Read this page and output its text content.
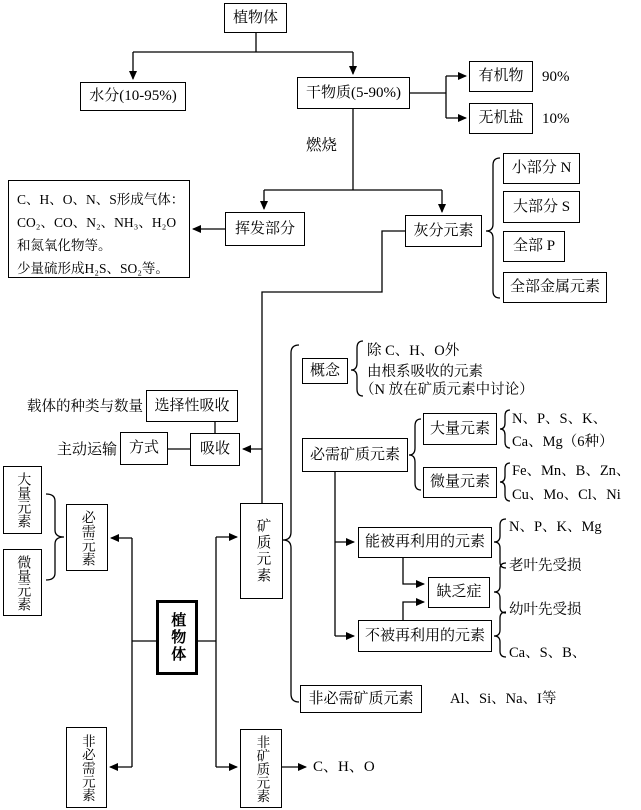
植物体
水分(10-95%)	干物质(5-90%)
有机物	90%
无机盐	10%
燃烧
C、H、O、N、S形成气体：
CO₂、CO、N₂、NH₃、H₂O
和氮氧化物等。
少量硫形成H₂S、SO₂等。
挥发部分	灰分元素
小部分 N
大部分 S
全部 P
全部金属元素
载体的种类与数量 选择性吸收
主动运输 方式	吸收
大量元素
微量元素
必需元素
非必需元素
植物体
矿质元素
非矿质元素	C、H、O
概念
除 C、H、O外
由根系吸收的元素
（N 放在矿质元素中讨论）
必需矿质元素
大量元素
N、P、S、K、
Ca、Mg（6种）
微量元素
Fe、Mn、B、Zn、
Cu、Mo、Cl、Ni
能被再利用的元素
N、P、K、Mg
老叶先受损
缺乏症
幼叶先受损
不被再利用的元素
Ca、S、B、
非必需矿质元素	Al、Si、Na、I等
